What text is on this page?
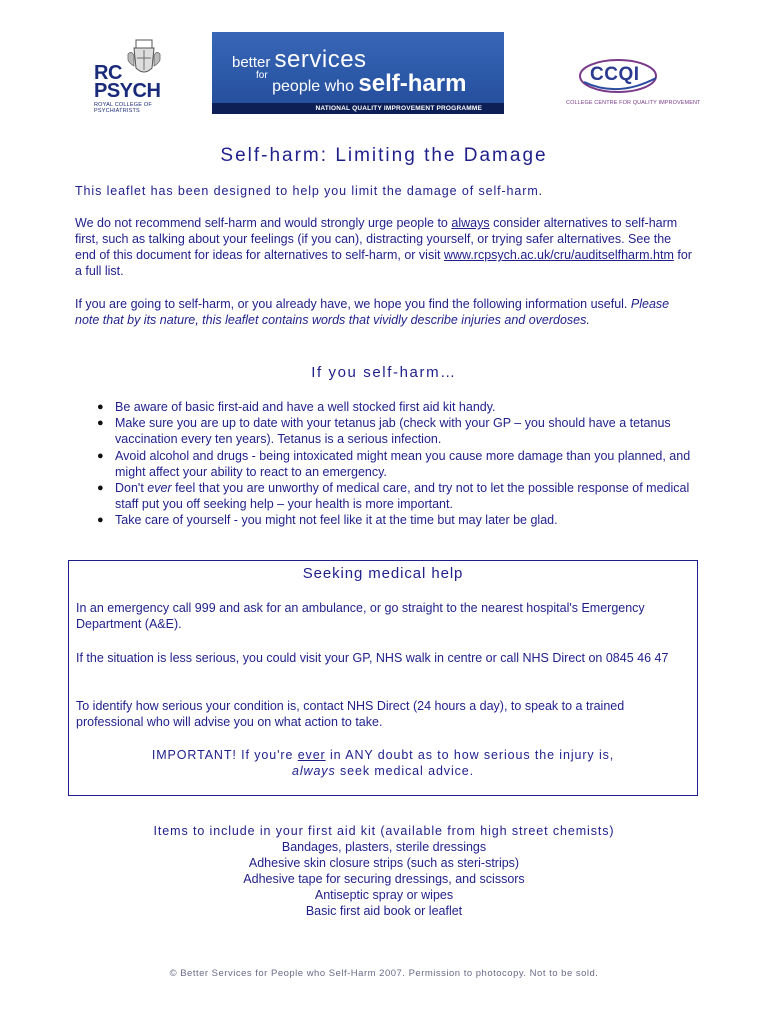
RC
PSYCH
ROYAL COLLEGE OF
PSYCHIATRISTS
better services
$^{for}$ people who self-harm
NATIONAL QUALITY IMPROVEMENT PROGRAMME
CCQI
COLLEGE CENTRE FOR QUALITY IMPROVEMENT
Self-harm: Limiting the Damage
This leaflet has been designed to help you limit the damage of self-harm.
We do not recommend self-harm and would strongly urge people to always consider alternatives to self-harm first, such as talking about your feelings (if you can), distracting yourself, or trying safer alternatives. See the end of this document for ideas for alternatives to self-harm, or visit www.rcpsych.ac.uk/cru/auditselfharm.htm for a full list.
If you are going to self-harm, or you already have, we hope you find the following information useful. Please note that by its nature, this leaflet contains words that vividly describe injuries and overdoses.
If you self-harm…
● Be aware of basic first-aid and have a well stocked first aid kit handy.
● Make sure you are up to date with your tetanus jab (check with your GP – you should have a tetanus vaccination every ten years). Tetanus is a serious infection.
● Avoid alcohol and drugs - being intoxicated might mean you cause more damage than you planned, and might affect your ability to react to an emergency.
● Don't ever feel that you are unworthy of medical care, and try not to let the possible response of medical staff put you off seeking help – your health is more important.
● Take care of yourself - you might not feel like it at the time but may later be glad.
Seeking medical help
In an emergency call 999 and ask for an ambulance, or go straight to the nearest hospital's Emergency Department (A&E).
If the situation is less serious, you could visit your GP, NHS walk in centre or call NHS Direct on 0845 46 47
To identify how serious your condition is, contact NHS Direct (24 hours a day), to speak to a trained professional who will advise you on what action to take.
IMPORTANT! If you're ever in ANY doubt as to how serious the injury is,
always seek medical advice.
Items to include in your first aid kit (available from high street chemists)
Bandages, plasters, sterile dressings
Adhesive skin closure strips (such as steri-strips)
Adhesive tape for securing dressings, and scissors
Antiseptic spray or wipes
Basic first aid book or leaflet
© Better Services for People who Self-Harm 2007. Permission to photocopy. Not to be sold.
